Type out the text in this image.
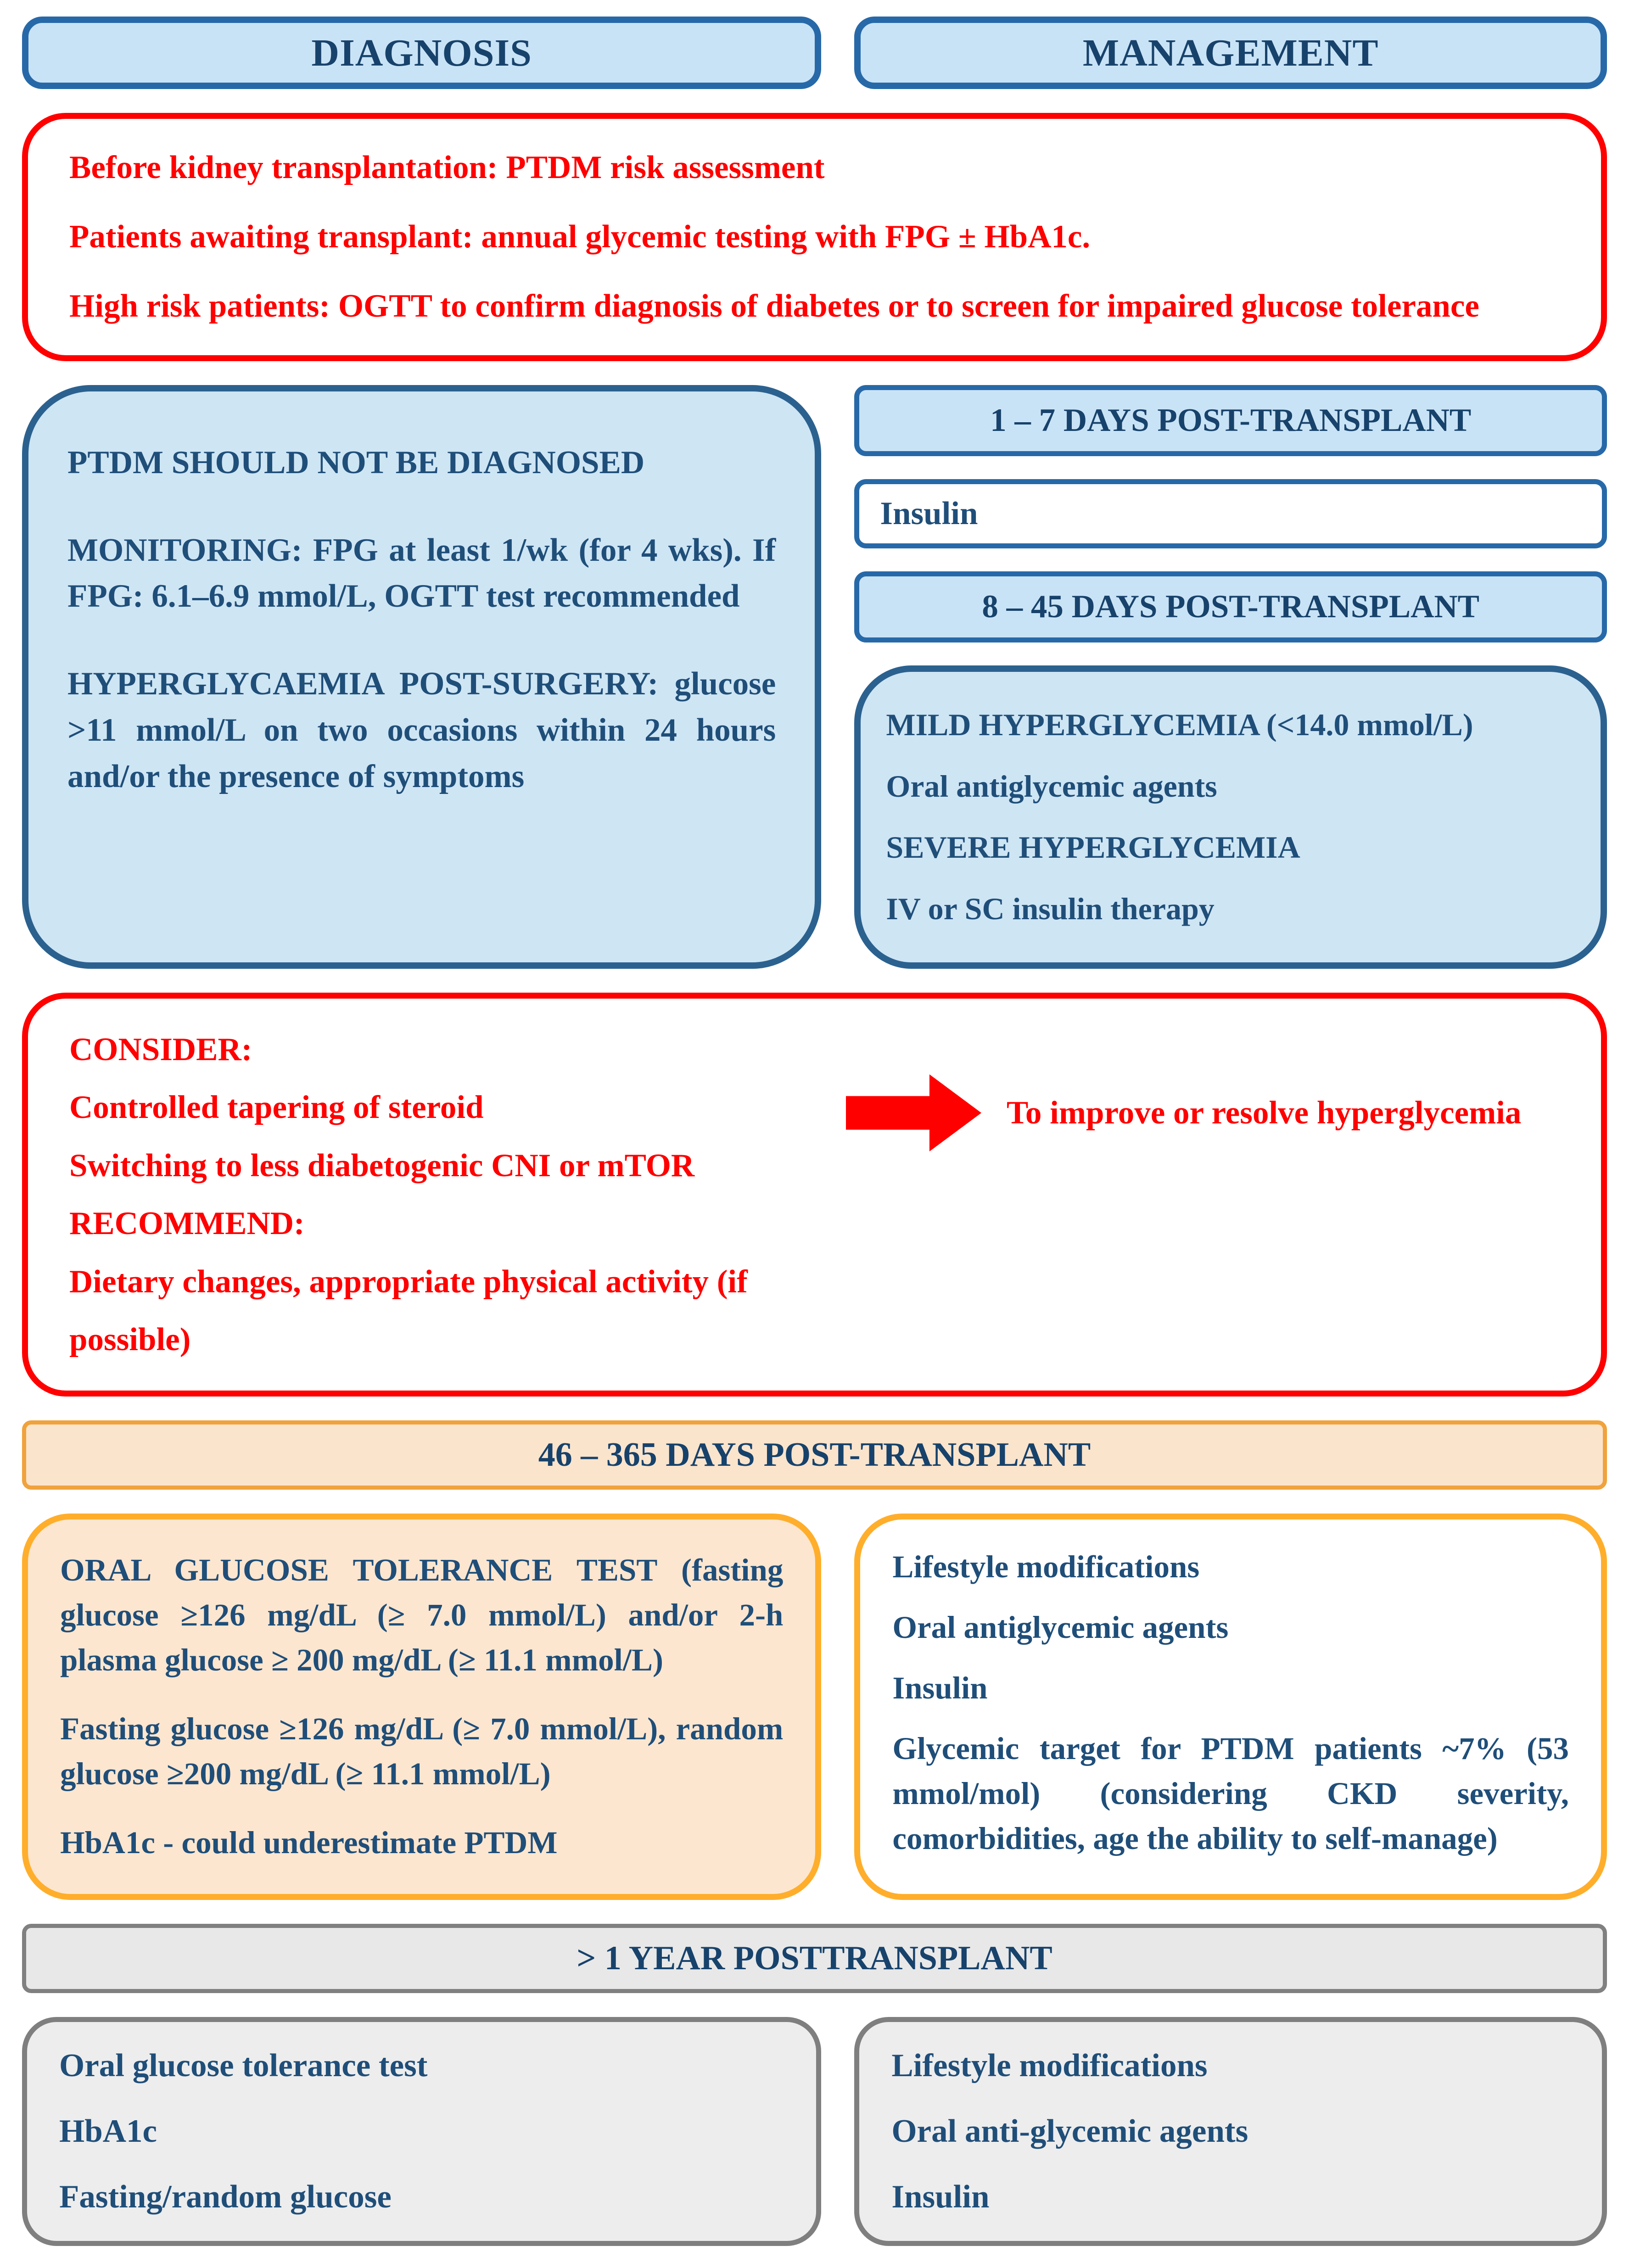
DIAGNOSIS	MANAGEMENT

Before kidney transplantation: PTDM risk assessment

Patients awaiting transplant: annual glycemic testing with FPG ± HbA1c.

High risk patients: OGTT to confirm diagnosis of diabetes or to screen for impaired glucose tolerance

PTDM SHOULD NOT BE DIAGNOSED

MONITORING: FPG at least 1/wk (for 4 wks). If FPG: 6.1–6.9 mmol/L, OGTT test recommended

HYPERGLYCAEMIA POST-SURGERY: glucose >11 mmol/L on two occasions within 24 hours and/or the presence of symptoms

1 – 7 DAYS POST-TRANSPLANT
Insulin
8 – 45 DAYS POST-TRANSPLANT

MILD HYPERGLYCEMIA (<14.0 mmol/L)

Oral antiglycemic agents

SEVERE HYPERGLYCEMIA

IV or SC insulin therapy

CONSIDER:

Controlled tapering of steroid

Switching to less diabetogenic CNI or mTOR

RECOMMEND:

Dietary changes, appropriate physical activity (if possible)

To improve or resolve hyperglycemia
46 – 365 DAYS POST-TRANSPLANT

ORAL GLUCOSE TOLERANCE TEST (fasting glucose ≥126 mg/dL (≥ 7.0 mmol/L) and/or 2-h plasma glucose ≥ 200 mg/dL (≥ 11.1 mmol/L)

Fasting glucose ≥126 mg/dL (≥ 7.0 mmol/L), random glucose ≥200 mg/dL (≥ 11.1 mmol/L)

HbA1c - could underestimate PTDM

Lifestyle modifications

Oral antiglycemic agents

Insulin

Glycemic target for PTDM patients ~7% (53 mmol/mol) (considering CKD severity, comorbidities, age the ability to self-manage)

> 1 YEAR POSTTRANSPLANT

Oral glucose tolerance test

HbA1c

Fasting/random glucose

Lifestyle modifications

Oral anti-glycemic agents

Insulin
